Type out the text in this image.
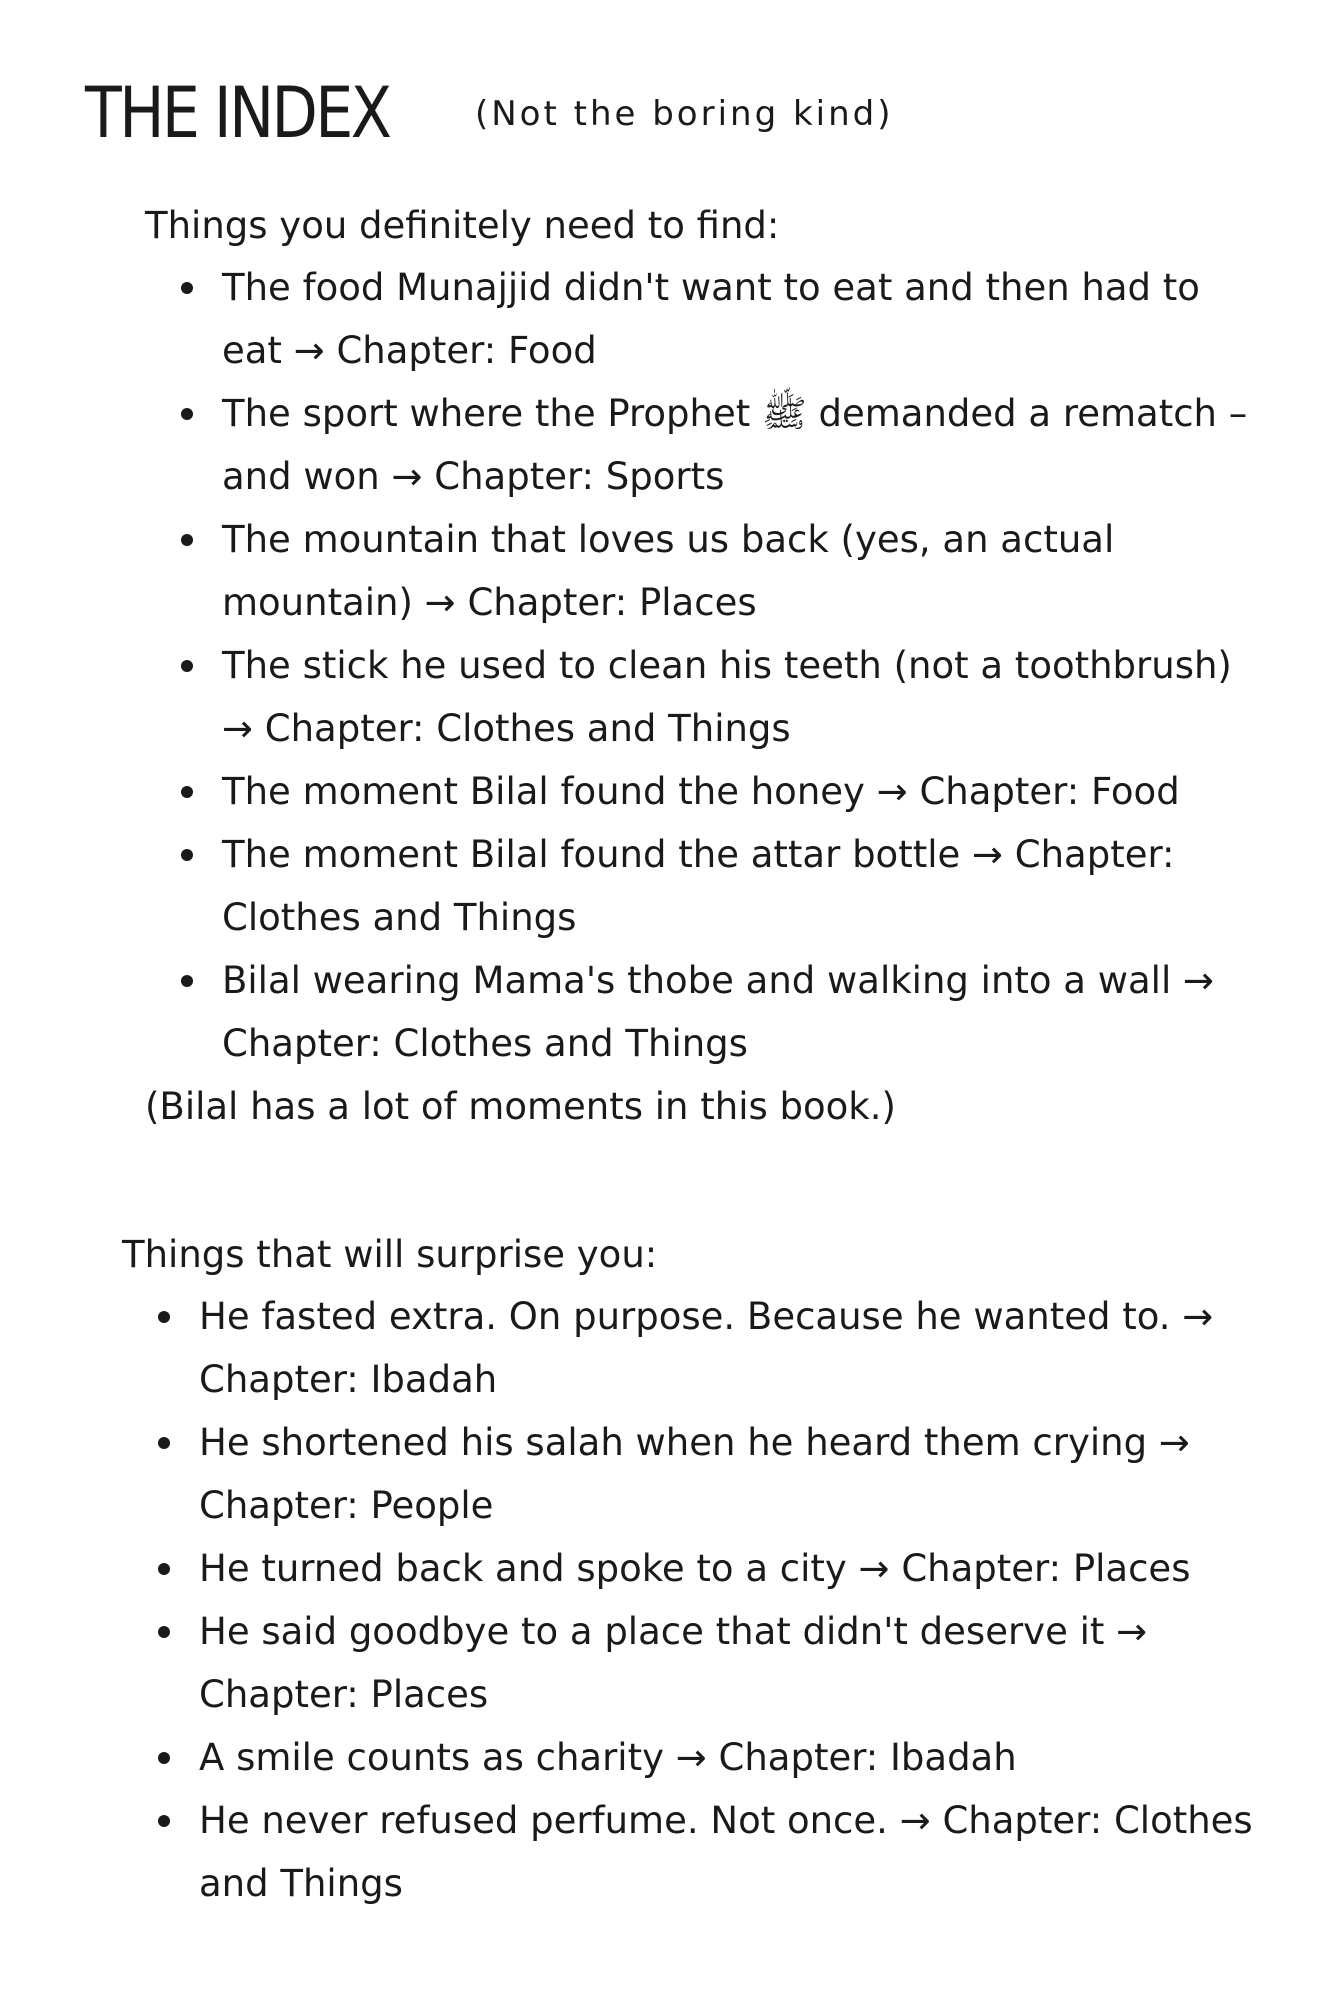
THE INDEX	(Not the boring kind)
Things you definitely need to find:
The food Munajjid didn't want to eat and then had to eat → Chapter: Food
The sport where the Prophet ﷺ demanded a rematch – and won → Chapter: Sports
The mountain that loves us back (yes, an actual mountain) → Chapter: Places
The stick he used to clean his teeth (not a toothbrush) → Chapter: Clothes and Things
The moment Bilal found the honey → Chapter: Food
The moment Bilal found the attar bottle → Chapter: Clothes and Things
Bilal wearing Mama's thobe and walking into a wall → Chapter: Clothes and Things
(Bilal has a lot of moments in this book.)
Things that will surprise you:
He fasted extra. On purpose. Because he wanted to. → Chapter: Ibadah
He shortened his salah when he heard them crying → Chapter: People
He turned back and spoke to a city → Chapter: Places
He said goodbye to a place that didn't deserve it → Chapter: Places
A smile counts as charity → Chapter: Ibadah
He never refused perfume. Not once. → Chapter: Clothes and Things
